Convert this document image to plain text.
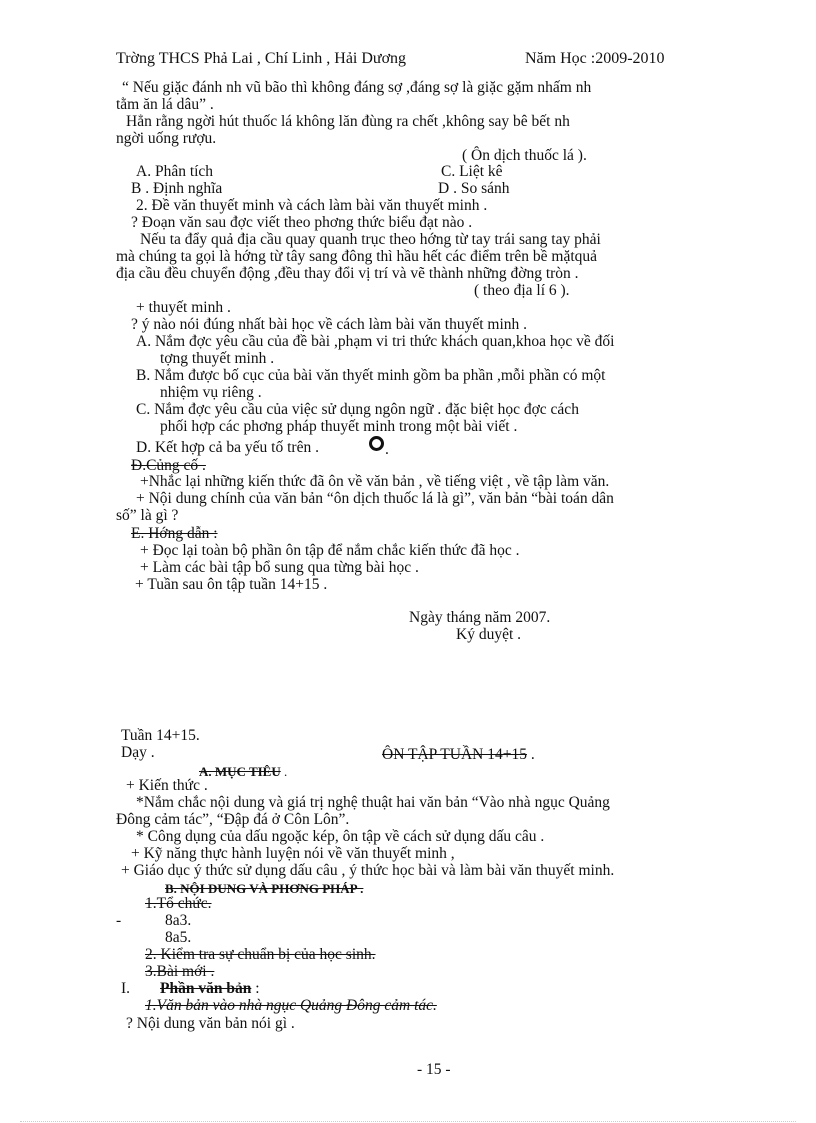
Trờng THCS Phả Lai , Chí Linh , Hải Dương	Năm Học :2009-2010
“ Nếu giặc đánh nh vũ bão thì không đáng sợ ,đáng sợ là giặc gặm nhấm nh
tằm ăn lá dâu” .
Hẳn rằng ngời hút thuốc lá không lăn đùng ra chết ,không say bê bết nh
ngời uống rượu.
( Ôn dịch thuốc lá ).
A. Phân tích	C. Liệt kê
B . Định nghĩa	D . So sánh
2. Đề văn thuyết minh và cách làm bài văn thuyết minh .
? Đoạn văn sau đợc viết theo phơng thức biểu đạt nào .
Nếu ta đẩy quả địa cầu quay quanh trục theo hớng từ tay trái sang tay phải
mà chúng ta gọi là hớng từ tây sang đông thì hầu hết các điểm trên bề mặtquả
địa cầu đều chuyển động ,đều thay đổi vị trí và vẽ thành những đờng tròn .
( theo địa lí 6 ).
+ thuyết minh .
? ý nào nói đúng nhất bài học về cách làm bài văn thuyết minh .
A. Nắm đợc yêu cầu của đề bài ,phạm vi tri thức khách quan,khoa học về đối
tợng thuyết minh .
B. Nắm được bố cục của bài văn thyết minh gồm ba phần ,mỗi phần có một
nhiệm vụ riêng .
C. Nắm đợc yêu cầu của việc sử dụng ngôn ngữ . đặc biệt học đợc cách
phối hợp các phơng pháp thuyết minh trong một bài viết .
D. Kết hợp cả ba yếu tố trên .	.
Đ.Củng cố .
+Nhắc lại những kiến thức đã ôn về văn bản , về tiếng việt , về tập làm văn.
+ Nội dung chính của văn bản “ôn dịch thuốc lá là gì”, văn bản “bài toán dân
số” là gì ?
E. Hớng dẫn :
+ Đọc lại toàn bộ phần ôn tập để nắm chắc kiến thức đã học .
+ Làm các bài tập bổ sung qua từng bài học .
+ Tuần sau ôn tập tuần 14+15 .
Ngày tháng năm 2007.
Ký duyệt .
Tuần 14+15.
Dạy .	ÔN TẬP TUẦN 14+15 .
A. MỤC TIÊU .
+ Kiến thức .
*Nắm chắc nội dung và giá trị nghệ thuật hai văn bản “Vào nhà ngục Quảng
Đông cảm tác”, “Đập đá ở Côn Lôn”.
* Công dụng của dấu ngoặc kép, ôn tập về cách sử dụng dấu câu .
+ Kỹ năng thực hành luyện nói về văn thuyết minh ,
+ Giáo dục ý thức sử dụng dấu câu , ý thức học bài và làm bài văn thuyết minh.
B. NỘI DUNG VÀ PHƠNG PHÁP .
1.Tổ chức.
-	8a3.
8a5.
2. Kiểm tra sự chuẩn bị của học sinh.
3.Bài mới .
I. Phần văn bản :
1.Văn bản vào nhà ngục Quảng Đông cảm tác.
? Nội dung văn bản nói gì .
- 15 -
